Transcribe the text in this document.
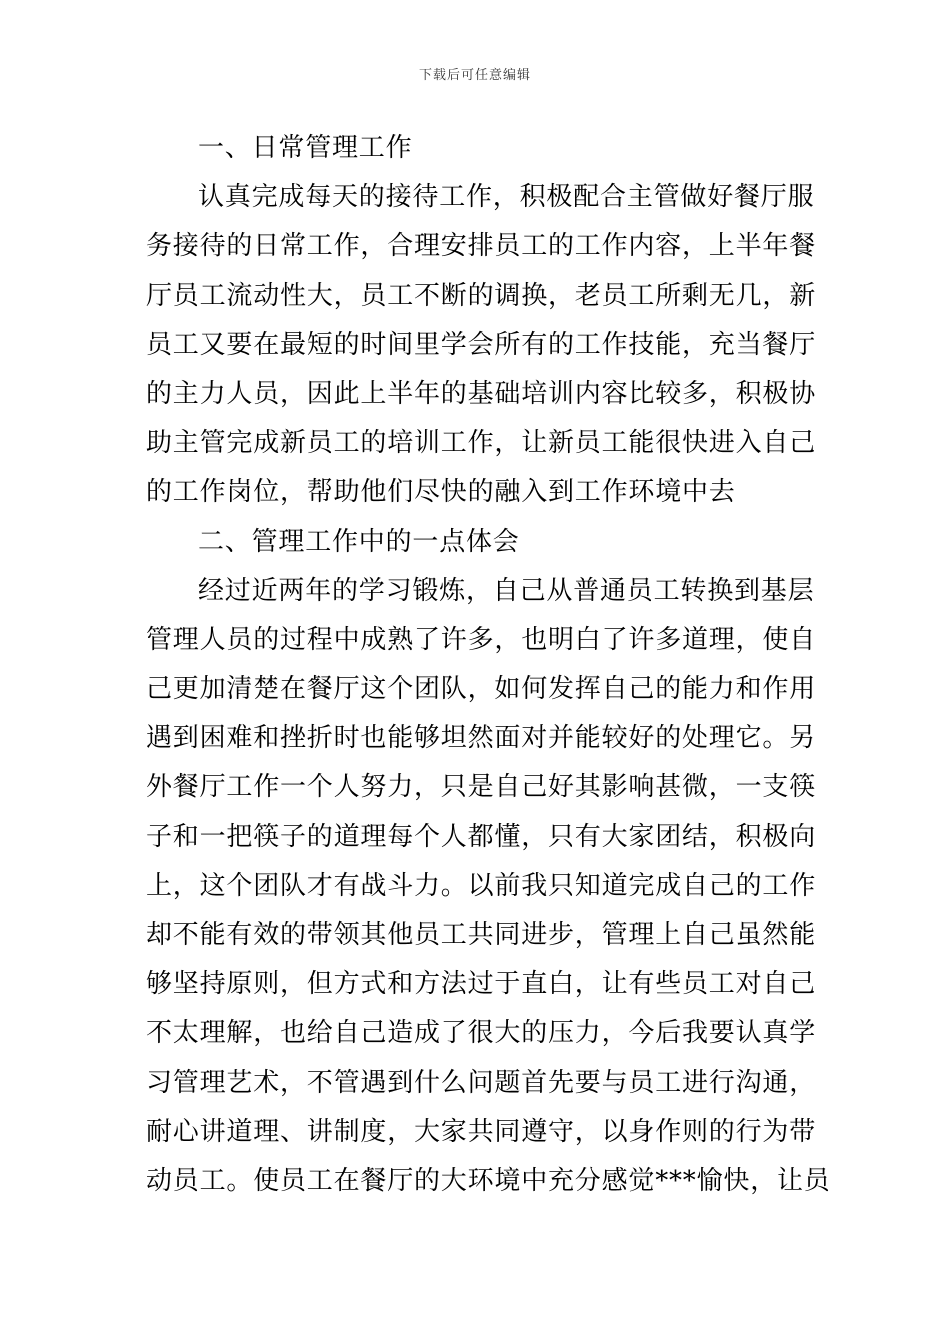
下载后可任意编辑
一、日常管理工作
认真完成每天的接待工作，积极配合主管做好餐厅服
务接待的日常工作，合理安排员工的工作内容，上半年餐
厅员工流动性大，员工不断的调换，老员工所剩无几，新
员工又要在最短的时间里学会所有的工作技能，充当餐厅
的主力人员，因此上半年的基础培训内容比较多，积极协
助主管完成新员工的培训工作，让新员工能很快进入自己
的工作岗位，帮助他们尽快的融入到工作环境中去
二、管理工作中的一点体会
经过近两年的学习锻炼，自己从普通员工转换到基层
管理人员的过程中成熟了许多，也明白了许多道理，使自
己更加清楚在餐厅这个团队，如何发挥自己的能力和作用
遇到困难和挫折时也能够坦然面对并能较好的处理它。另
外餐厅工作一个人努力，只是自己好其影响甚微，一支筷
子和一把筷子的道理每个人都懂，只有大家团结，积极向
上，这个团队才有战斗力。以前我只知道完成自己的工作
却不能有效的带领其他员工共同进步，管理上自己虽然能
够坚持原则，但方式和方法过于直白，让有些员工对自己
不太理解，也给自己造成了很大的压力，今后我要认真学
习管理艺术，不管遇到什么问题首先要与员工进行沟通，
耐心讲道理、讲制度，大家共同遵守，以身作则的行为带
动员工。使员工在餐厅的大环境中充分感觉***愉快，让员
